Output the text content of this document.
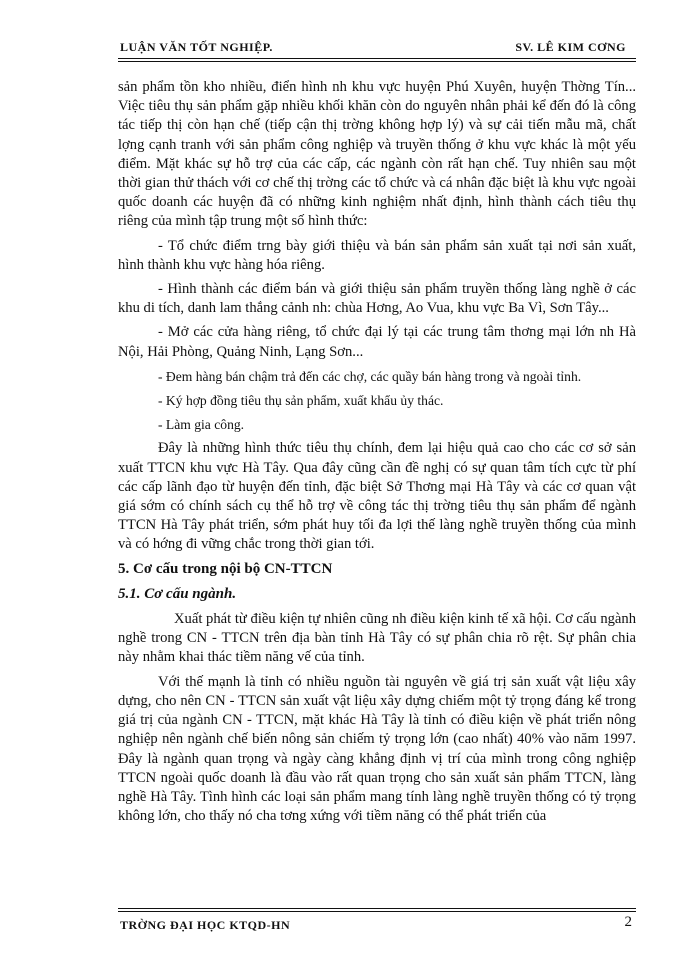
LUẬN VĂN TỐT NGHIỆP.	SV. LÊ KIM CƠNG

sản phẩm tồn kho nhiều, điển hình nh khu vực huyện Phú Xuyên, huyện Thờng Tín... Việc tiêu thụ sản phẩm gặp nhiều khối khăn còn do nguyên nhân phải kể đến đó là công tác tiếp thị còn hạn chế (tiếp cận thị trờng không hợp lý) và sự cải tiến mẫu mã, chất lợng cạnh tranh với sản phẩm công nghiệp và truyền thống ở khu vực khác là một yếu điểm. Mặt khác sự hỗ trợ của các cấp, các ngành còn rất hạn chế. Tuy nhiên sau một thời gian thử thách với cơ chế thị trờng các tổ chức và cá nhân đặc biệt là khu vực ngoài quốc doanh các huyện đã có những kinh nghiệm nhất định, hình thành cách tiêu thụ riêng của mình tập trung một số hình thức:

- Tổ chức điểm trng bày giới thiệu và bán sản phẩm sản xuất tại nơi sản xuất, hình thành khu vực hàng hóa riêng.

- Hình thành các điểm bán và giới thiệu sản phẩm truyền thống làng nghề ở các khu di tích, danh lam thắng cảnh nh: chùa Hơng, Ao Vua, khu vực Ba Vì, Sơn Tây...

- Mở các cửa hàng riêng, tổ chức đại lý tại các trung tâm thơng mại lớn nh Hà Nội, Hải Phòng, Quảng Ninh, Lạng Sơn...

- Đem hàng bán chậm trả đến các chợ, các quầy bán hàng trong và ngoài tỉnh.

- Ký hợp đồng tiêu thụ sản phẩm, xuất khẩu ủy thác.

- Làm gia công.

Đây là những hình thức tiêu thụ chính, đem lại hiệu quả cao cho các cơ sở sản xuất TTCN khu vực Hà Tây. Qua đây cũng cần đề nghị có sự quan tâm tích cực từ phí các cấp lãnh đạo từ huyện đến tỉnh, đặc biệt Sở Thơng mại Hà Tây và các cơ quan vật giá sớm có chính sách cụ thể hỗ trợ về công tác thị trờng tiêu thụ sản phẩm để ngành TTCN Hà Tây phát triển, sớm phát huy tối đa lợi thế làng nghề truyền thống của mình và có hớng đi vững chắc trong thời gian tới.

5. Cơ cấu trong nội bộ CN-TTCN

5.1. Cơ cấu ngành.

Xuất phát từ điều kiện tự nhiên cũng nh điều kiện kinh tế xã hội. Cơ cấu ngành nghề trong CN - TTCN trên địa bàn tỉnh Hà Tây có sự phân chia rõ rệt. Sự phân chia này nhằm khai thác tiềm năng vế của tỉnh.

Với thế mạnh là tỉnh có nhiều nguồn tài nguyên về giá trị sản xuất vật liệu xây dựng, cho nên CN - TTCN sản xuất vật liệu xây dựng chiếm một tỷ trọng đáng kể trong giá trị của ngành CN - TTCN, mặt khác Hà Tây là tỉnh có điều kiện về phát triển nông nghiệp nên ngành chế biến nông sản chiếm tỷ trọng lớn (cao nhất) 40% vào năm 1997. Đây là ngành quan trọng và ngày càng khẳng định vị trí của mình trong công nghiệp TTCN ngoài quốc doanh là đầu vào rất quan trọng cho sản xuất sản phẩm TTCN, làng nghề Hà Tây. Tình hình các loại sản phẩm mang tính làng nghề truyền thống có tỷ trọng không lớn, cho thấy nó cha tơng xứng với tiềm năng có thể phát triển của

TRỜNG ĐẠI HỌC KTQD-HN	2
